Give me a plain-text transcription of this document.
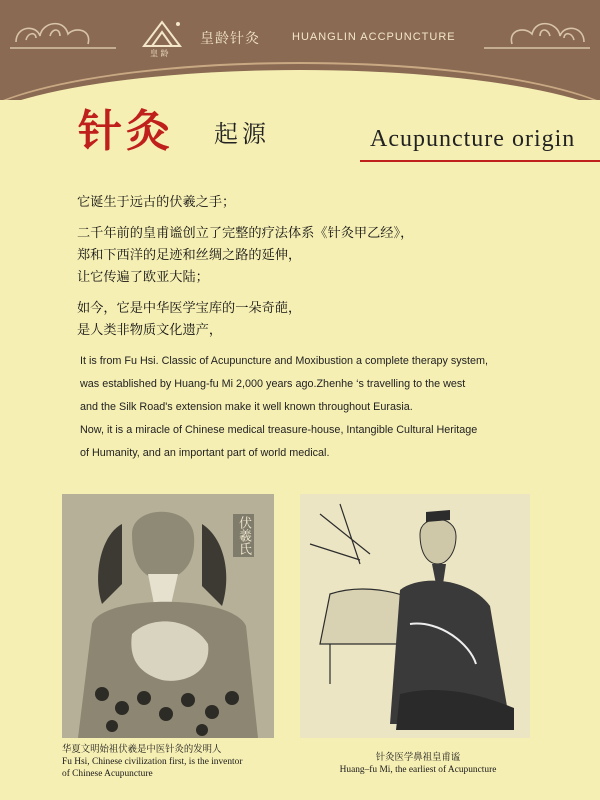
皇 龄
皇龄针灸	HUANGLIN ACCPUNCTURE
针灸 起源	Acupuncture origin

它诞生于远古的伏羲之手；

二千年前的皇甫谧创立了完整的疗法体系《针灸甲乙经》，
郑和下西洋的足迹和丝绸之路的延伸，
让它传遍了欧亚大陆；

如今，它是中华医学宝库的一朵奇葩，
是人类非物质文化遗产，

It is from Fu Hsi. Classic of Acupuncture and Moxibustion a complete therapy system,
was established by Huang-fu Mi 2,000 years ago.Zhenhe ‘s travelling to the west
and the Silk Road's extension make it well known throughout Eurasia.
Now, it is a miracle of Chinese medical treasure-house, Intangible Cultural Heritage
of Humanity, and an important part of world medical.
伏羲氏
华夏文明始祖伏羲是中医针灸的发明人
Fu Hsi, Chinese civilization first, is the inventor
of Chinese Acupuncture
针灸医学鼻祖皇甫谧
Huang–fu Mi, the earliest of Acupuncture
